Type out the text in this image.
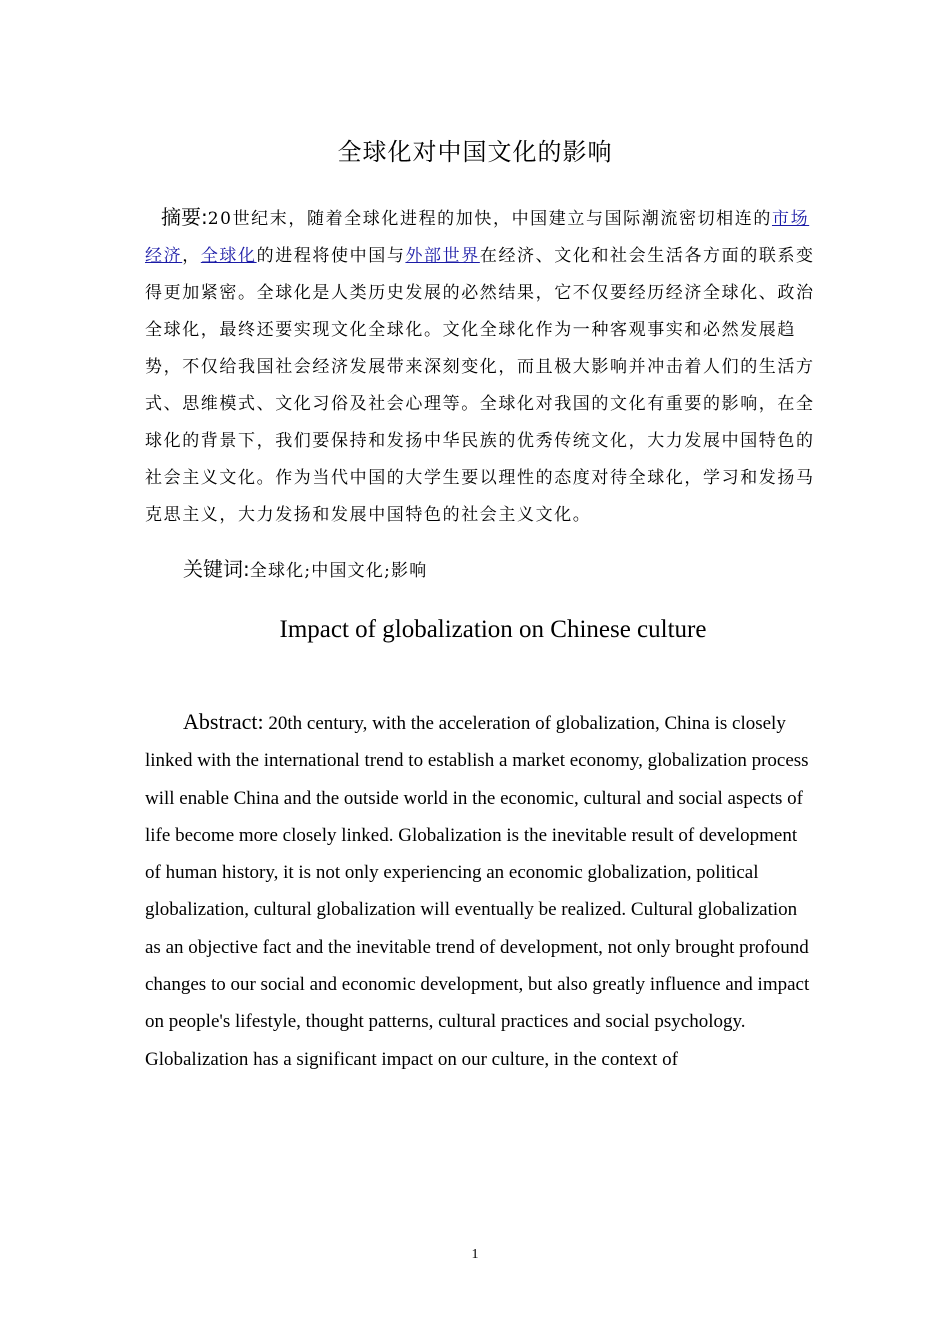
全球化对中国文化的影响
摘要:20世纪末，随着全球化进程的加快，中国建立与国际潮流密切相连的市场经济，全球化的进程将使中国与外部世界在经济、文化和社会生活各方面的联系变得更加紧密。全球化是人类历史发展的必然结果，它不仅要经历经济全球化、政治全球化，最终还要实现文化全球化。文化全球化作为一种客观事实和必然发展趋势，不仅给我国社会经济发展带来深刻变化，而且极大影响并冲击着人们的生活方式、思维模式、文化习俗及社会心理等。全球化对我国的文化有重要的影响，在全球化的背景下，我们要保持和发扬中华民族的优秀传统文化，大力发展中国特色的社会主义文化。作为当代中国的大学生要以理性的态度对待全球化，学习和发扬马克思主义，大力发扬和发展中国特色的社会主义文化。
关键词:全球化;中国文化;影响
Impact of globalization on Chinese culture
Abstract: 20th century, with the acceleration of globalization, China is closely linked with the international trend to establish a market economy, globalization process will enable China and the outside world in the economic, cultural and social aspects of life become more closely linked. Globalization is the inevitable result of development of human history, it is not only experiencing an economic globalization, political globalization, cultural globalization will eventually be realized. Cultural globalization as an objective fact and the inevitable trend of development, not only brought profound changes to our social and economic development, but also greatly influence and impact on people's lifestyle, thought patterns, cultural practices and social psychology. Globalization has a significant impact on our culture, in the context of
1
